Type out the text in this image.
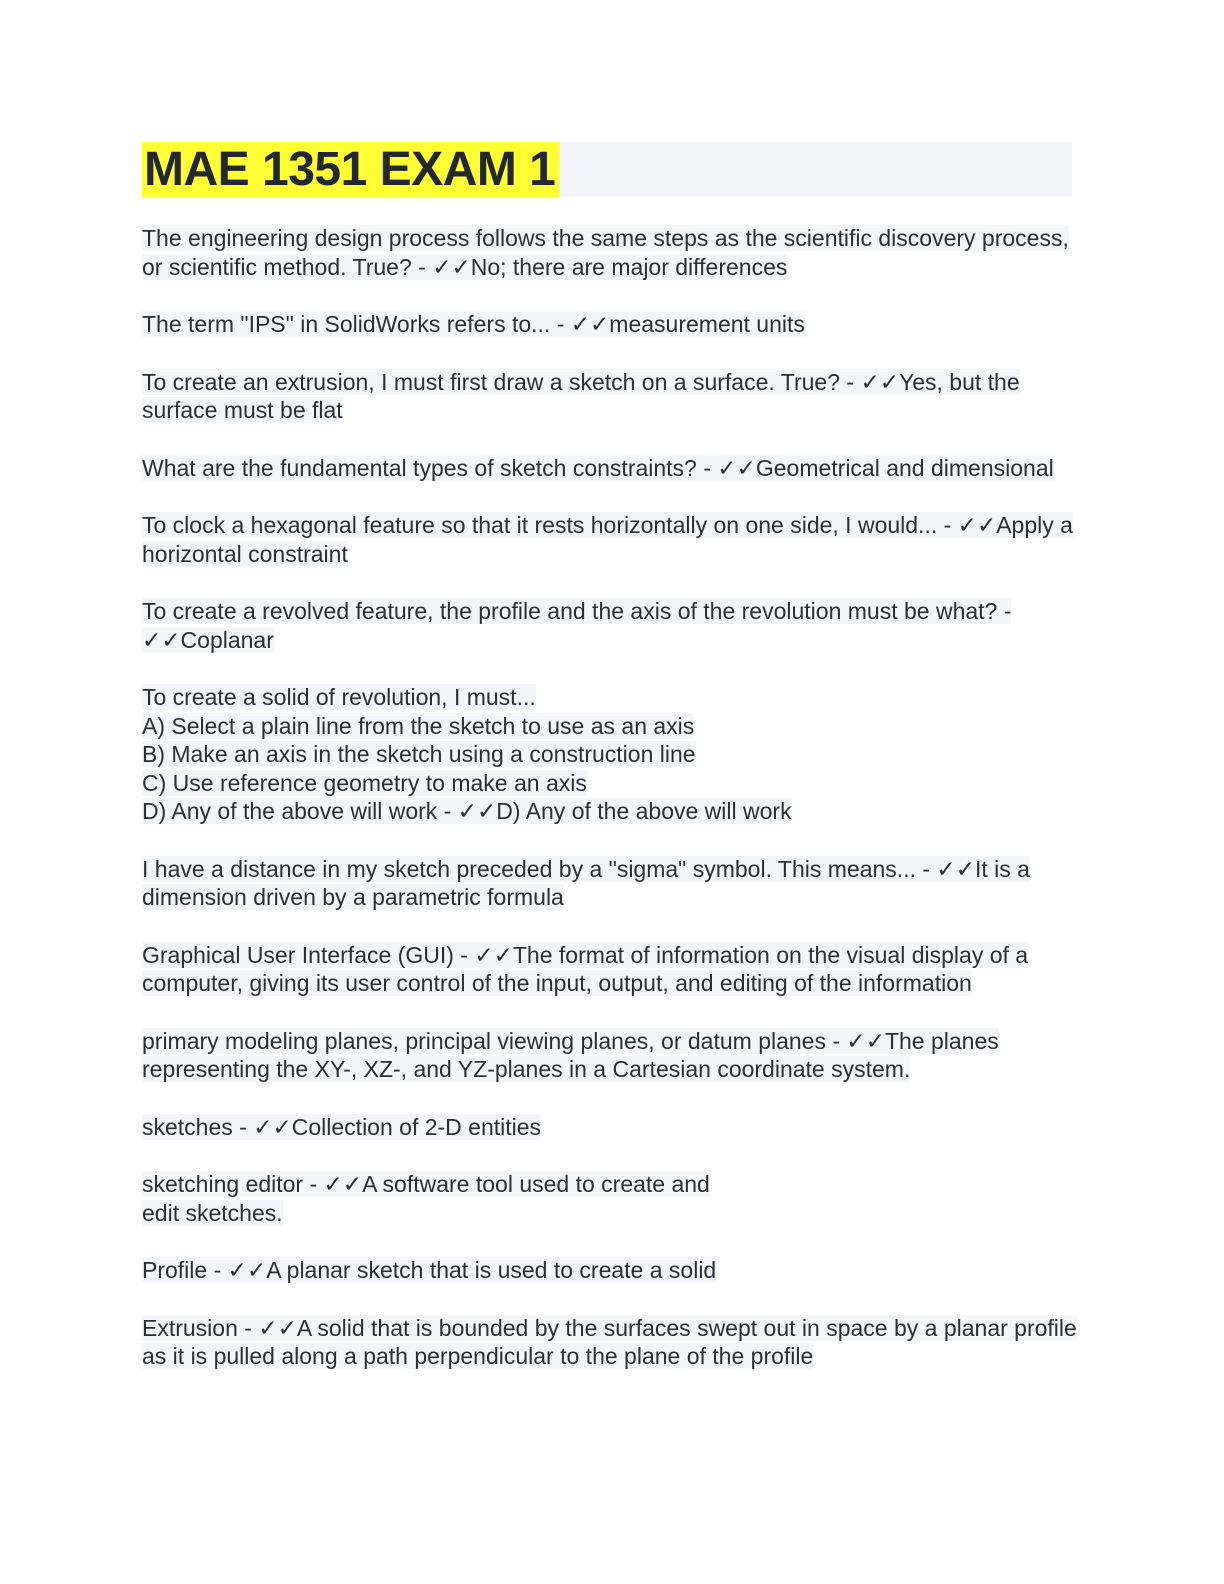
MAE 1351 EXAM 1

The engineering design process follows the same steps as the scientific discovery process, or scientific method. True? - ✓✓No; there are major differences

The term "IPS" in SolidWorks refers to... - ✓✓measurement units

To create an extrusion, I must first draw a sketch on a surface. True? - ✓✓Yes, but the surface must be flat

What are the fundamental types of sketch constraints? - ✓✓Geometrical and dimensional

To clock a hexagonal feature so that it rests horizontally on one side, I would... - ✓✓Apply a horizontal constraint

To create a revolved feature, the profile and the axis of the revolution must be what? - ✓✓Coplanar

To create a solid of revolution, I must...
A) Select a plain line from the sketch to use as an axis
B) Make an axis in the sketch using a construction line
C) Use reference geometry to make an axis
D) Any of the above will work - ✓✓D) Any of the above will work

I have a distance in my sketch preceded by a "sigma" symbol. This means... - ✓✓It is a dimension driven by a parametric formula

Graphical User Interface (GUI) - ✓✓The format of information on the visual display of a computer, giving its user control of the input, output, and editing of the information

primary modeling planes, principal viewing planes, or datum planes - ✓✓The planes representing the XY-, XZ-, and YZ-planes in a Cartesian coordinate system.

sketches - ✓✓Collection of 2-D entities

sketching editor - ✓✓A software tool used to create and
edit sketches.

Profile - ✓✓A planar sketch that is used to create a solid

Extrusion - ✓✓A solid that is bounded by the surfaces swept out in space by a planar profile as it is pulled along a path perpendicular to the plane of the profile
